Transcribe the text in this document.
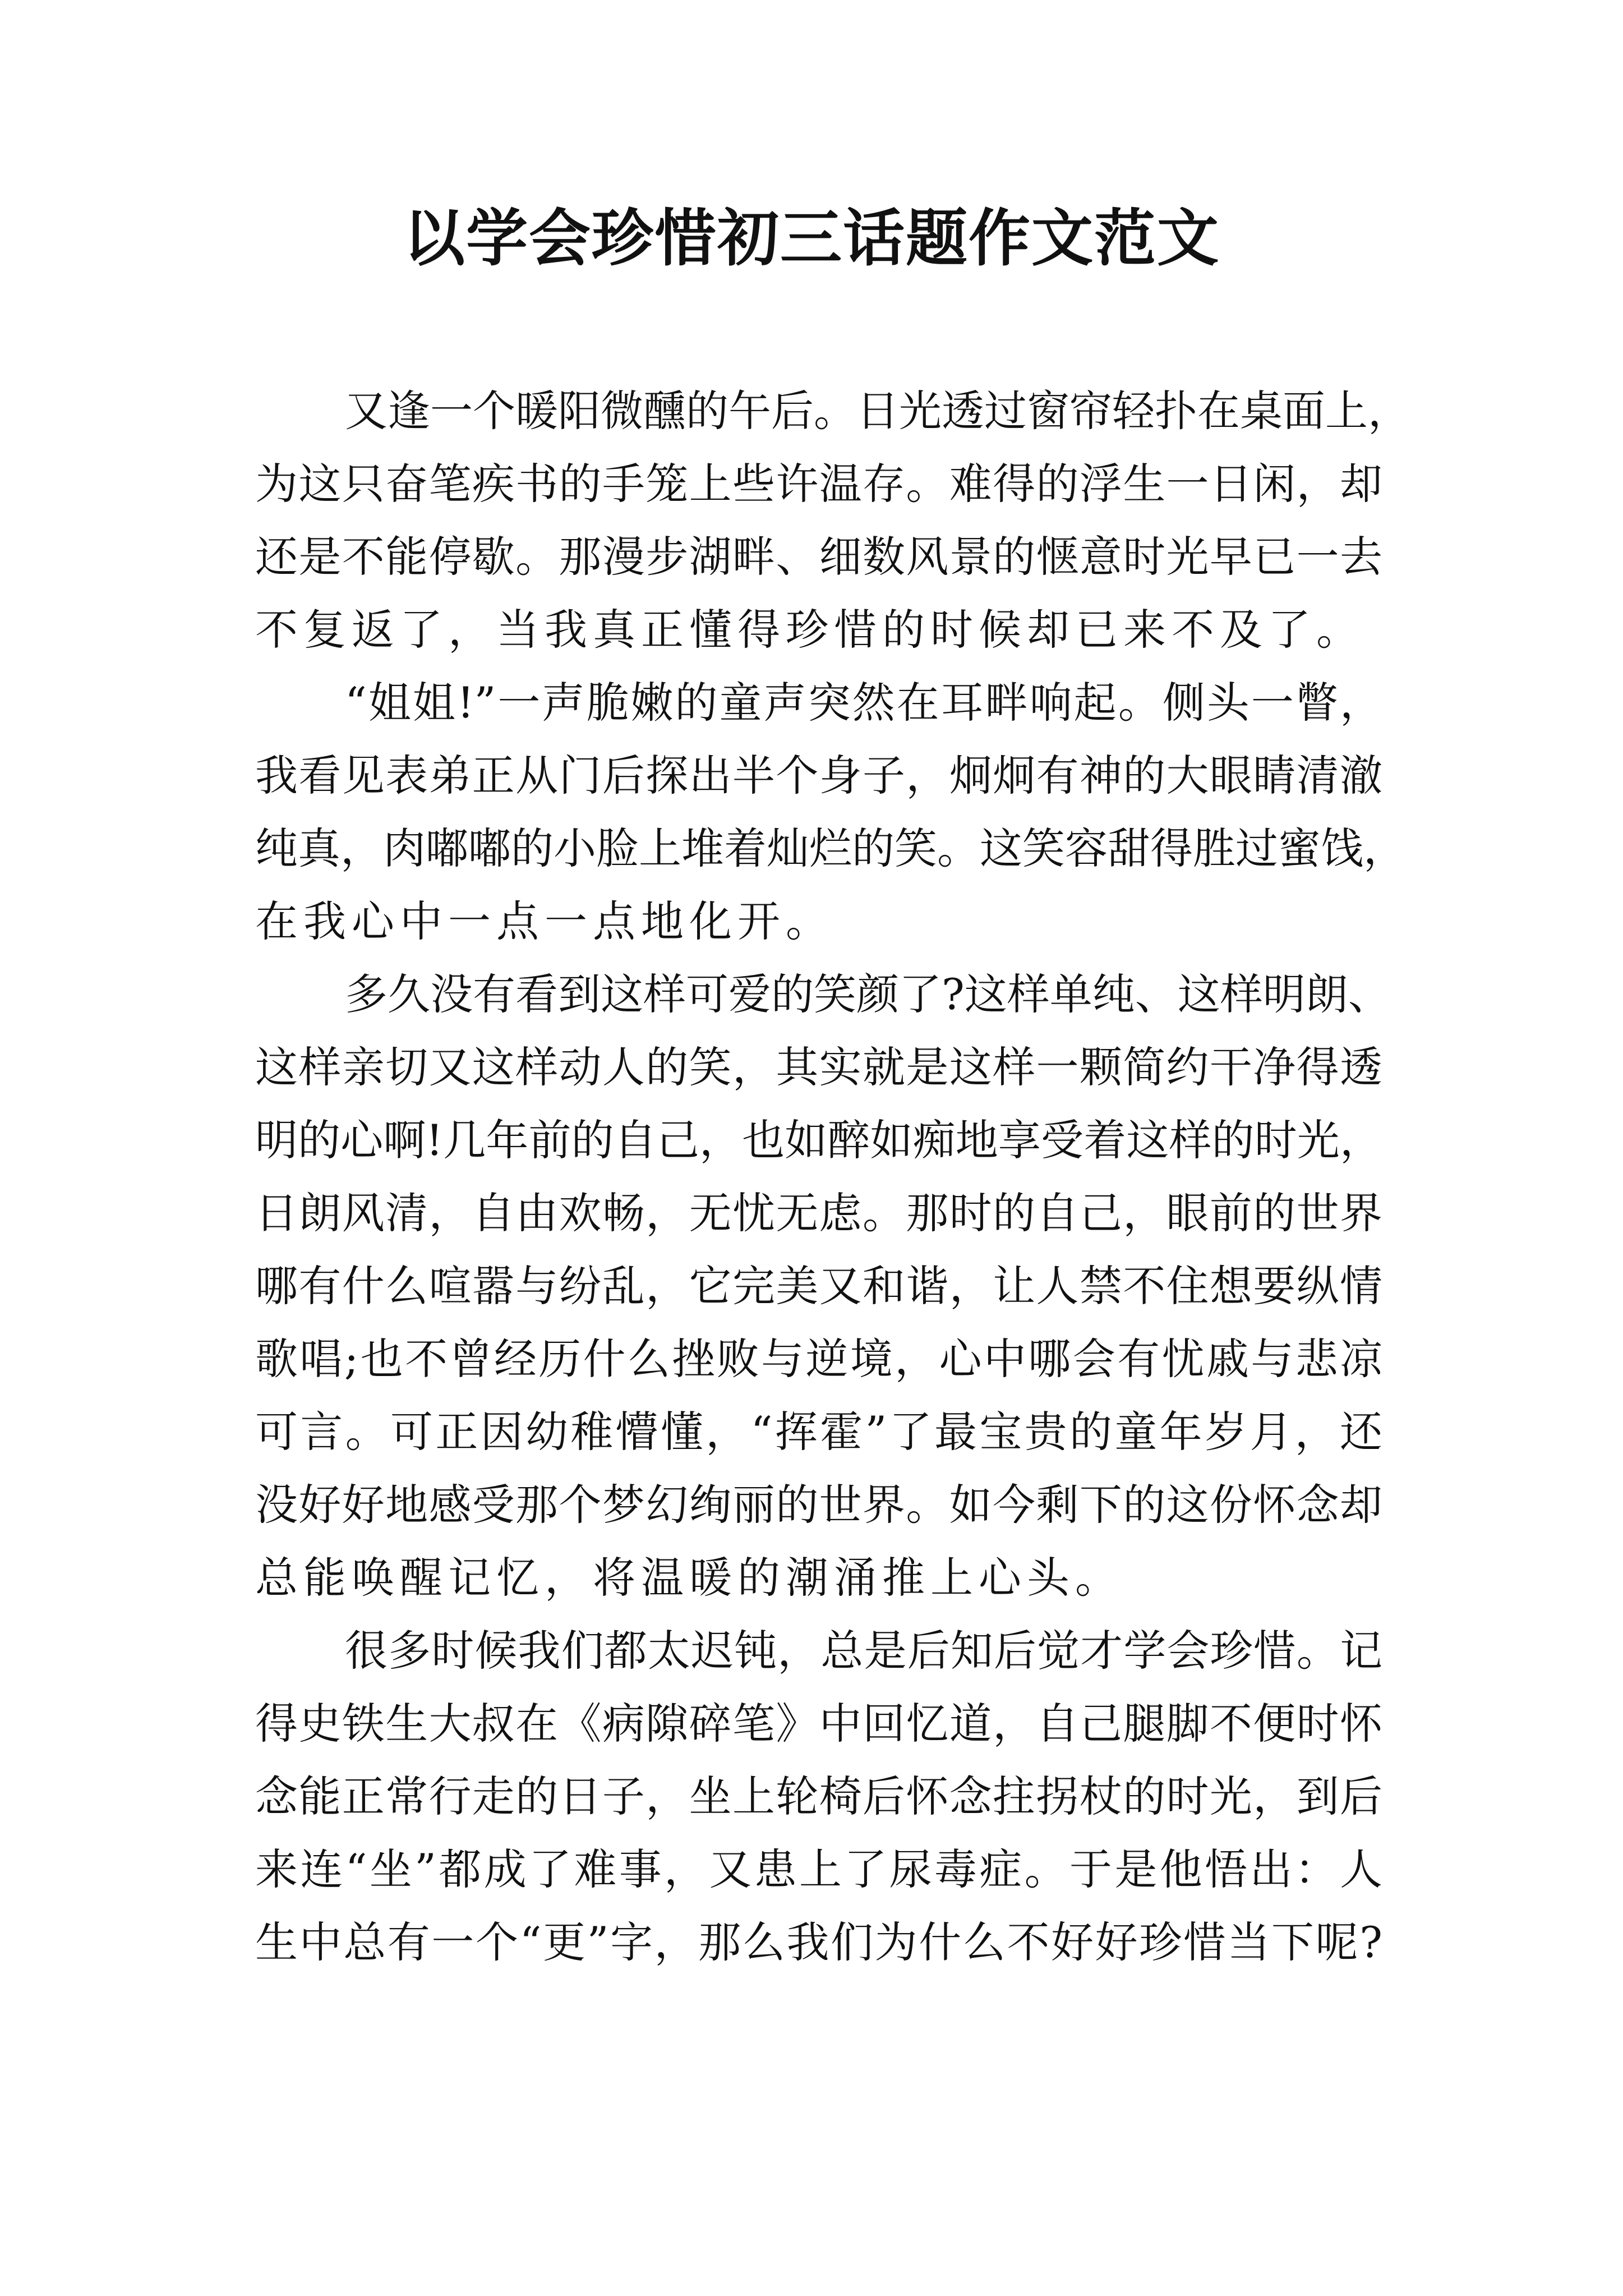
以学会珍惜初三话题作文范文
又逢一个暖阳微醺的午后。日光透过窗帘轻扑在桌面上，
为这只奋笔疾书的手笼上些许温存。难得的浮生一日闲，却
还是不能停歇。那漫步湖畔、细数风景的惬意时光早已一去
不复返了，当我真正懂得珍惜的时候却已来不及了。
“姐姐!”一声脆嫩的童声突然在耳畔响起。侧头一瞥，
我看见表弟正从门后探出半个身子，炯炯有神的大眼睛清澈
纯真，肉嘟嘟的小脸上堆着灿烂的笑。这笑容甜得胜过蜜饯，
在我心中一点一点地化开。
多久没有看到这样可爱的笑颜了?这样单纯、这样明朗、
这样亲切又这样动人的笑，其实就是这样一颗简约干净得透
明的心啊!几年前的自己，也如醉如痴地享受着这样的时光，
日朗风清，自由欢畅，无忧无虑。那时的自己，眼前的世界
哪有什么喧嚣与纷乱，它完美又和谐，让人禁不住想要纵情
歌唱;也不曾经历什么挫败与逆境，心中哪会有忧戚与悲凉
可言。可正因幼稚懵懂，“挥霍”了最宝贵的童年岁月，还
没好好地感受那个梦幻绚丽的世界。如今剩下的这份怀念却
总能唤醒记忆，将温暖的潮涌推上心头。
很多时候我们都太迟钝，总是后知后觉才学会珍惜。记
得史铁生大叔在《病隙碎笔》中回忆道，自己腿脚不便时怀
念能正常行走的日子，坐上轮椅后怀念拄拐杖的时光，到后
来连“坐”都成了难事，又患上了尿毒症。于是他悟出：人
生中总有一个“更”字，那么我们为什么不好好珍惜当下呢?
